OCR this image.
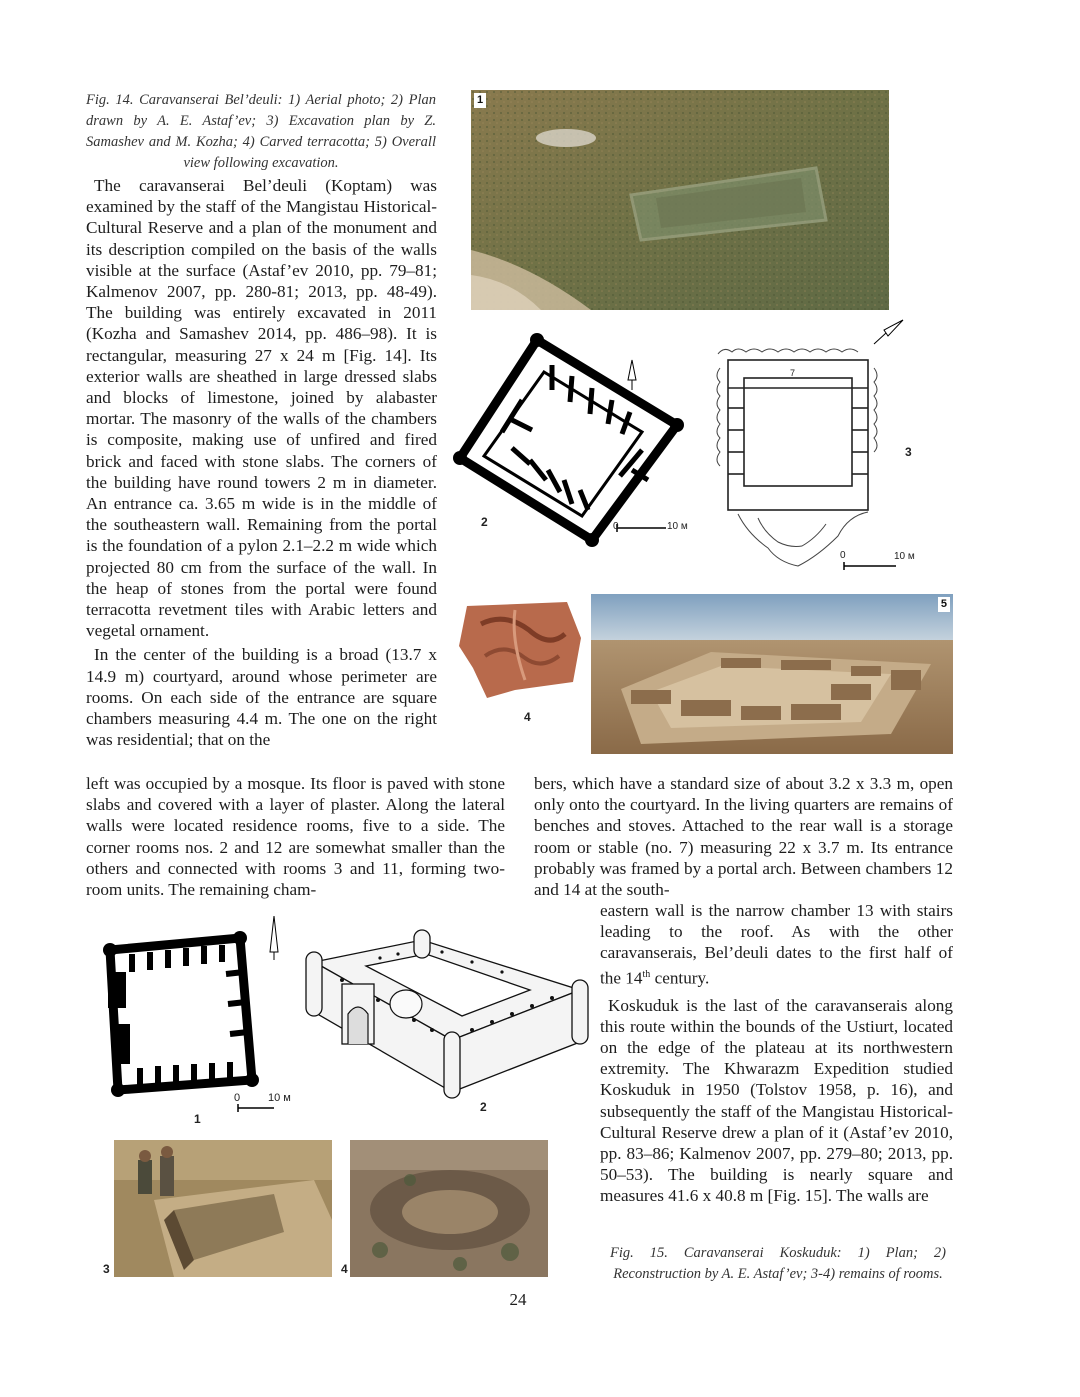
Fig. 14. Caravanserai Bel’deuli: 1) Aerial photo; 2) Plan drawn by A. E. Astaf’ev; 3) Excavation plan by Z. Samashev and M. Kozha; 4) Carved terracotta; 5) Overall view following excavation.

The caravanserai Bel’deuli (Koptam) was examined by the staff of the Mangistau Historical-Cultural Reserve and a plan of the monument and its description compiled on the basis of the walls visible at the surface (Astaf’ev 2010, pp. 79–81; Kalmenov 2007, pp. 280-81; 2013, pp. 48-49). The building was entirely excavated in 2011 (Kozha and Samashev 2014, pp. 486–98). It is rectangular, measuring 27 x 24 m [Fig. 14]. Its exterior walls are sheathed in large dressed slabs and blocks of limestone, joined by alabaster mortar. The masonry of the walls of the chambers is composite, making use of unfired and fired brick and faced with stone slabs. The corners of the building have round towers 2 m in diameter. An entrance ca. 3.65 m wide is in the middle of the southeastern wall. Remaining from the portal is the foundation of a pylon 2.1–2.2 m wide which projected 80 cm from the surface of the wall. In the heap of stones from the portal were found terracotta revetment tiles with Arabic letters and vegetal ornament.

In the center of the building is a broad (13.7 x 14.9 m) courtyard, around whose perimeter are rooms. On each side of the entrance are square chambers measuring 4.4 m. The one on the right was residential; that on the

left was occupied by a mosque. Its floor is paved with stone slabs and covered with a layer of plaster. Along the lateral walls were located residence rooms, five to a side. The corner rooms nos. 2 and 12 are somewhat smaller than the others and connected with rooms 3 and 11, forming two-room units. The remaining cham-

1
2	0	10 м
7
3
0	10 м
4
5

bers, which have a standard size of about 3.2 x 3.3 m, open only onto the courtyard. In the living quarters are remains of benches and stoves. Attached to the rear wall is a storage room or stable (no. 7) measuring 22 x 3.7 m. Its entrance probably was framed by a portal arch. Between chambers 12 and 14 at the south-

eastern wall is the narrow chamber 13 with stairs leading to the roof. As with the other caravanserais, Bel’deuli dates to the first half of the 14th century.

Koskuduk is the last of the caravanserais along this route within the bounds of the Ustiurt, located on the edge of the plateau at its northwestern extremity. The Khwarazm Expedition studied Koskuduk in 1950 (Tolstov 1958, p. 16), and subsequently the staff of the Mangistau Historical-Cultural Reserve drew a plan of it (Astaf’ev 2010, pp. 83–86; Kalmenov 2007, pp. 279–80; 2013, pp. 50–53). The building is nearly square and measures 41.6 x 40.8 m [Fig. 15]. The walls are

1
0	10 м
2
3	4
Fig. 15. Caravanserai Koskuduk: 1) Plan; 2) Reconstruction by A. E. Astaf’ev; 3-4) remains of rooms.
24
